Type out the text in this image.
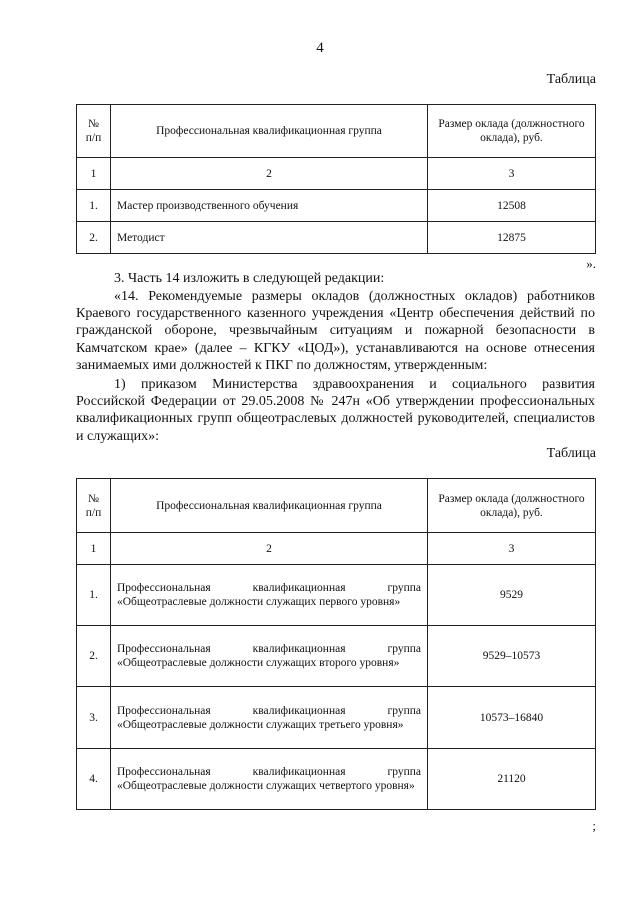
4
Таблица
№ п/п	Профессиональная квалификационная группа	Размер оклада (должностного оклада), руб.
1	2	3
1.	Мастер производственного обучения	12508
2.	Методист	12875
».
3. Часть 14 изложить в следующей редакции:
«14. Рекомендуемые размеры окладов (должностных окладов) работников Краевого государственного казенного учреждения «Центр обеспечения действий по гражданской обороне, чрезвычайным ситуациям и пожарной безопасности в Камчатском крае» (далее – КГКУ «ЦОД»), устанавливаются на основе отнесения занимаемых ими должностей к ПКГ по должностям, утвержденным:
1) приказом Министерства здравоохранения и социального развития Российской Федерации от 29.05.2008 № 247н «Об утверждении профессиональных квалификационных групп общеотраслевых должностей руководителей, специалистов и служащих»:
Таблица
№ п/п	Профессиональная квалификационная группа	Размер оклада (должностного оклада), руб.
1	2	3
1.	Профессиональная квалификационная группа «Общеотраслевые должности служащих первого уровня»	9529
2.	Профессиональная квалификационная группа «Общеотраслевые должности служащих второго уровня»	9529–10573
3.	Профессиональная квалификационная группа «Общеотраслевые должности служащих третьего уровня»	10573–16840
4.	Профессиональная квалификационная группа «Общеотраслевые должности служащих четвертого уровня»	21120
;
